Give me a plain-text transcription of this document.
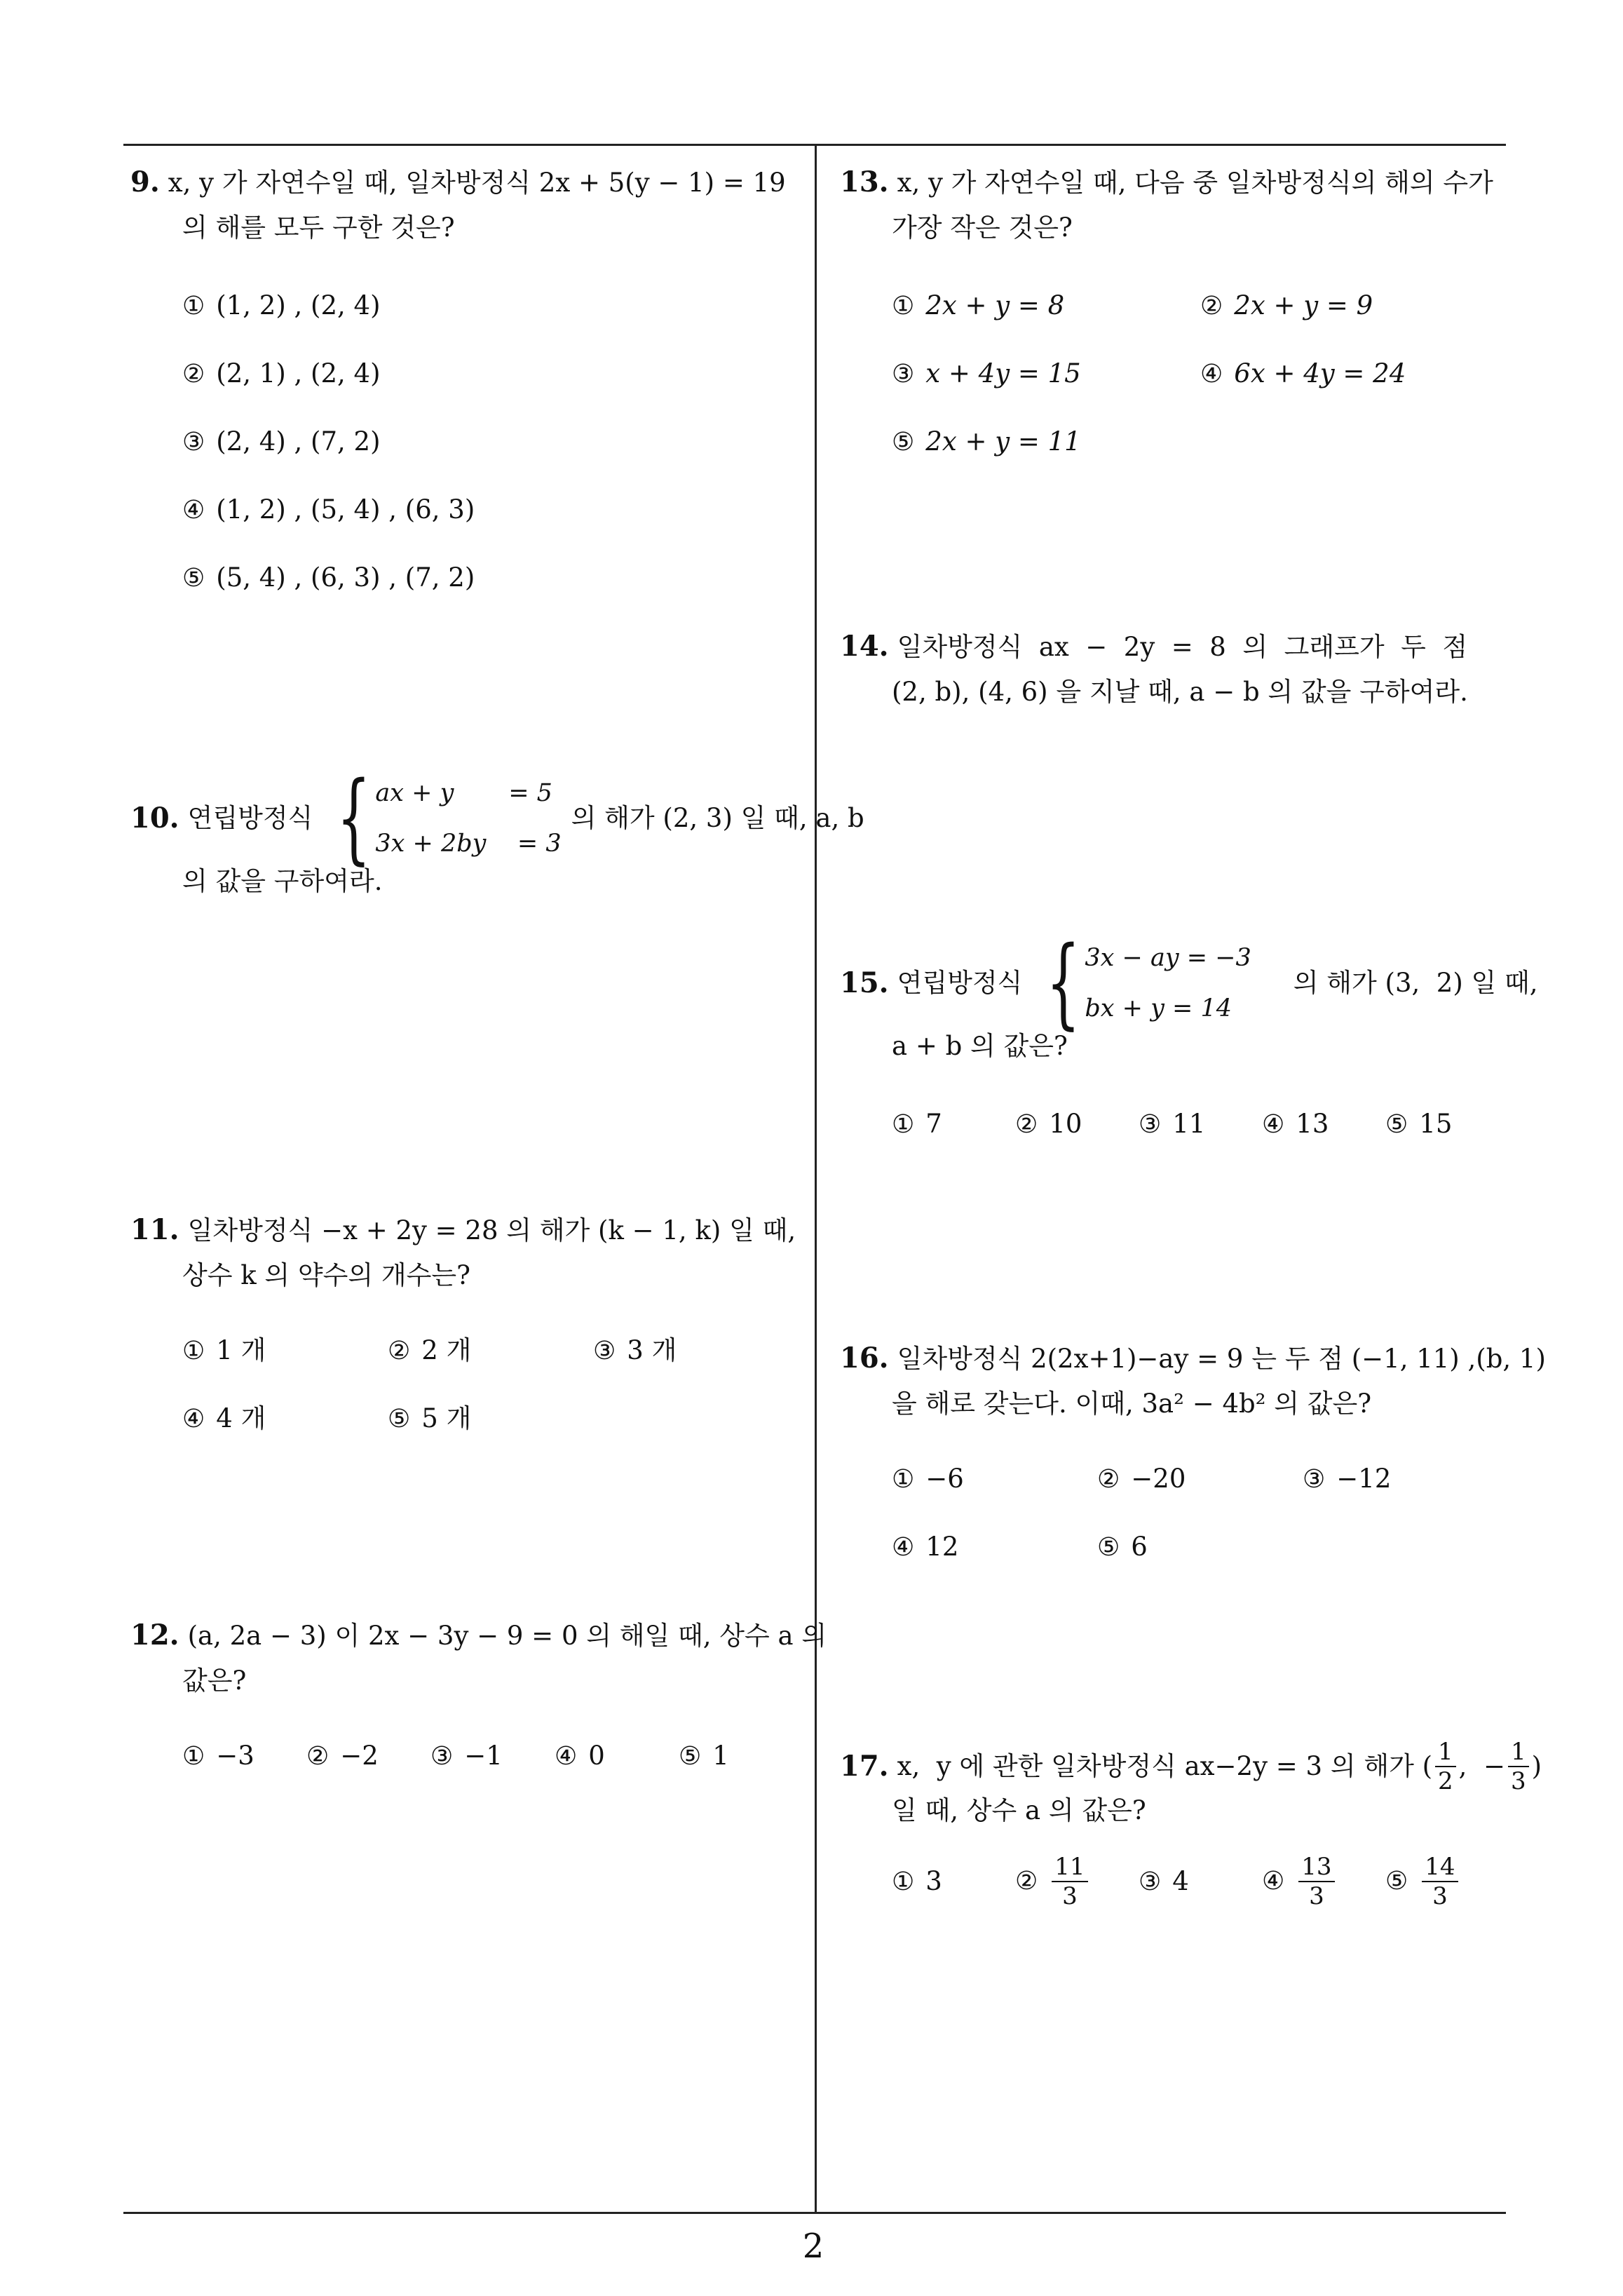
9. x, y 가 자연수일 때, 일차방정식 2x + 5(y − 1) = 19
의 해를 모두 구한 것은?
① (1, 2) , (2, 4)
② (2, 1) , (2, 4)
③ (2, 4) , (7, 2)
④ (1, 2) , (5, 4) , (6, 3)
⑤ (5, 4) , (6, 3) , (7, 2)
10. 연립방정식 { ax + y       = 5
3x + 2by    = 3
의 해가 (2, 3) 일 때, a, b
의 값을 구하여라.
11. 일차방정식 −x + 2y = 28 의 해가 (k − 1, k) 일 때,
상수 k 의 약수의 개수는?
① 1 개	② 2 개	③ 3 개
④ 4 개	⑤ 5 개
12. (a, 2a − 3) 이 2x − 3y − 9 = 0 의 해일 때, 상수 a 의
값은?
① −3 ② −2 ③ −1 ④ 0	⑤ 1
13. x, y 가 자연수일 때, 다음 중 일차방정식의 해의 수가
가장 작은 것은?
① 2x + y = 8	② 2x + y = 9
③ x + 4y = 15	④ 6x + 4y = 24
⑤ 2x + y = 11
14. 일차방정식  ax  −  2y  =  8  의  그래프가  두  점
(2, b), (4, 6) 을 지날 때, a − b 의 값을 구하여라.
15. 연립방정식 { 3x − ay = −3
bx + y = 14
의 해가 (3,  2) 일 때,
a + b 의 값은?
① 7	② 10 ③ 11 ④ 13 ⑤ 15
16. 일차방정식 2(2x+1)−ay = 9 는 두 점 (−1, 11) ,(b, 1)
을 해로 갖는다. 이때, 3a² − 4b² 의 값은?
① −6	② −20	③ −12
④ 12	⑤ 6
17. x,  y 에 관한 일차방정식 ax−2y = 3 의 해가 ( $\frac{1}{2}$ ,  − $\frac{1}{3}$ )
일 때, 상수 a 의 값은?
① 3	② $\frac{11}{3}$ ③ 4	④ $\frac{13}{3}$ ⑤ $\frac{14}{3}$
2
